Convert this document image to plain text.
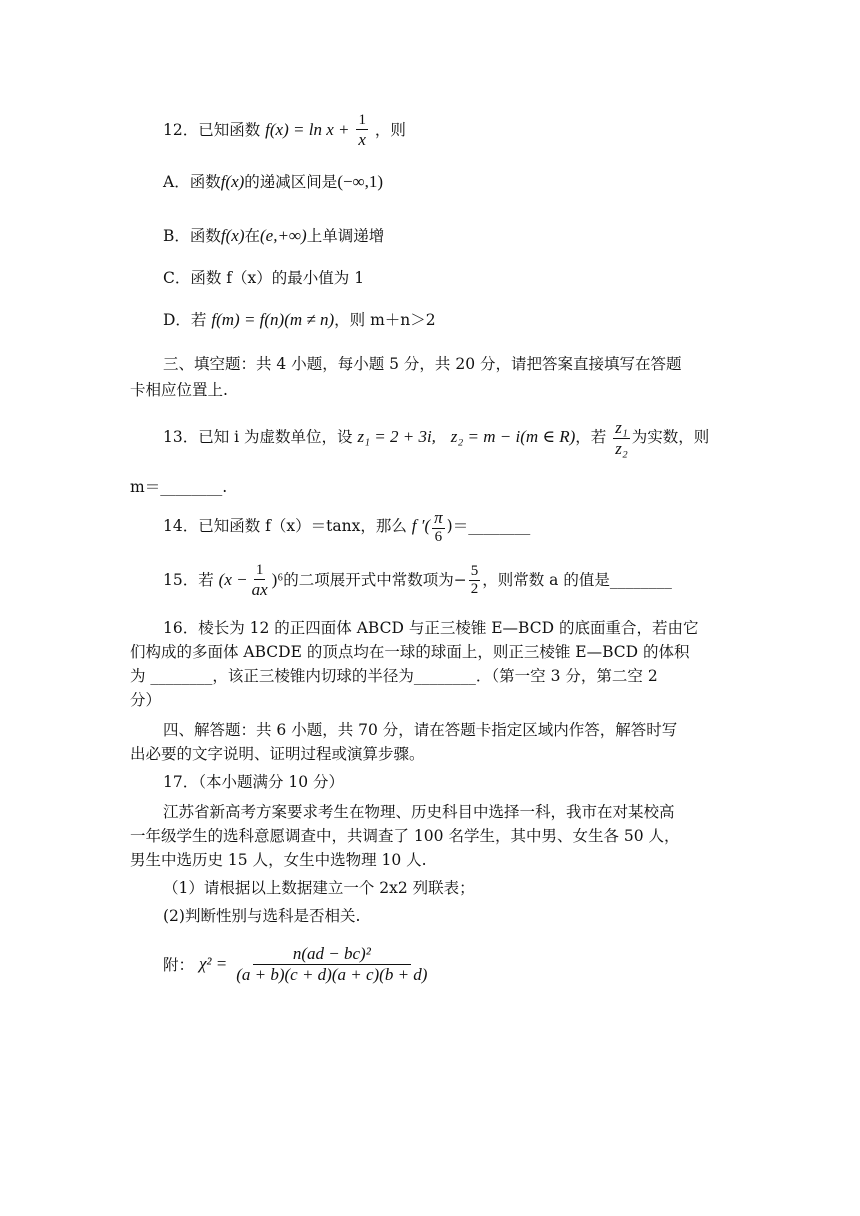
12．已知函数 $f(x) = \ln x + \frac{1}{x}$ ，则
A．函数f(x)的递减区间是(−∞,1)
B．函数f(x)在(e,+∞)上单调递增
C．函数 f（x）的最小值为 1
D．若 f(m) = f(n)(m ≠ n)，则 m＋n＞2
三、填空题：共 4 小题，每小题 5 分，共 20 分，请把答案直接填写在答题
卡相应位置上.
13．已知 i 为虚数单位，设 z₁ = 2 + 3i, z₂ = m − i(m ∈ R)，若 $\frac{\text{z₁}}{\text{z₂}}$ 为实数，则
m＝________.
14．已知函数 f（x）＝tanx，那么 f ′( $\frac{\pi}{6}$ )＝________
15．若 $(x - \frac{1}{ax} )^6$的二项展开式中常数项为− $\frac{5}{2}$ ，则常数 a 的值是________
16．棱长为 12 的正四面体 ABCD 与正三棱锥 E—BCD 的底面重合，若由它
们构成的多面体 ABCDE 的顶点均在一球的球面上，则正三棱锥 E—BCD 的体积
为 ________，该正三棱锥内切球的半径为________．（第一空 3 分，第二空 2
分）
四、解答题：共 6 小题，共 70 分，请在答题卡指定区域内作答，解答时写
出必要的文字说明、证明过程或演算步骤。
17．（本小题满分 10 分）
江苏省新高考方案要求考生在物理、历史科目中选择一科，我市在对某校高
一年级学生的选科意愿调查中，共调查了 100 名学生，其中男、女生各 50 人，
男生中选历史 15 人，女生中选物理 10 人.
（1）请根据以上数据建立一个 2x2 列联表；
(2)判断性别与选科是否相关.
附： $\chi^2 = \frac{\text{n(ad − bc)²}}{(a + b)(c + d)(a + c)(b + d)}$
